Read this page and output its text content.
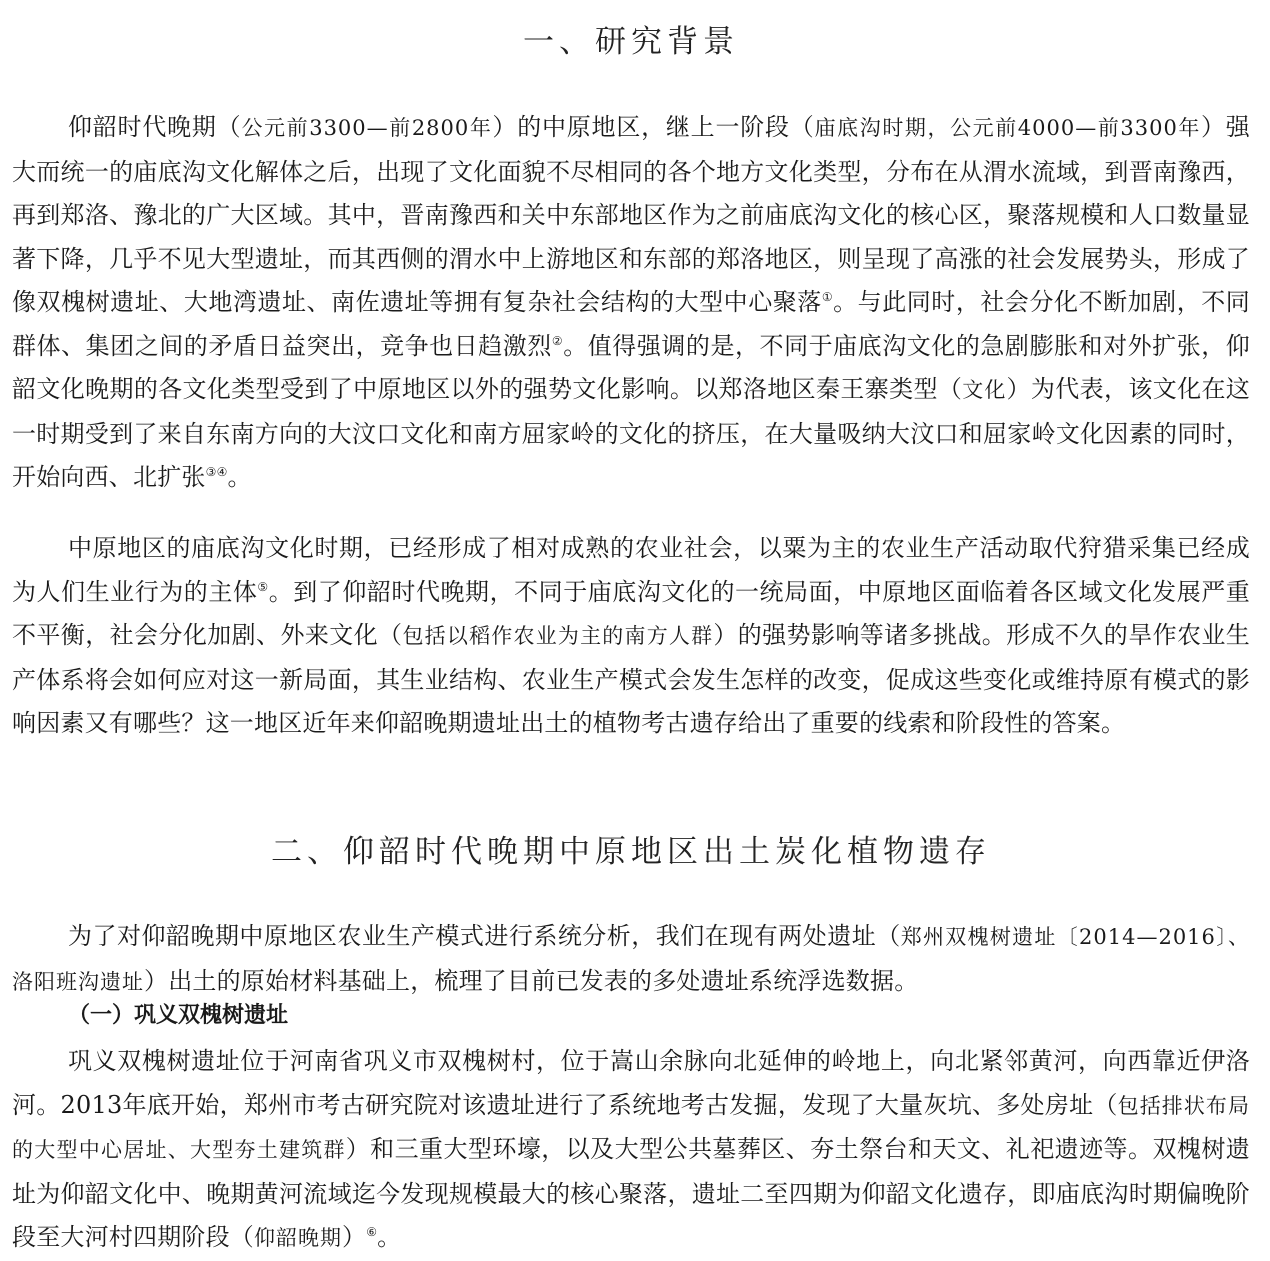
一、研究背景

仰韶时代晚期（公元前3300—前2800年）的中原地区，继上一阶段（庙底沟时期，公元前4000—前3300年）强大而统一的庙底沟文化解体之后，出现了文化面貌不尽相同的各个地方文化类型，分布在从渭水流域，到晋南豫西，再到郑洛、豫北的广大区域。其中，晋南豫西和关中东部地区作为之前庙底沟文化的核心区，聚落规模和人口数量显著下降，几乎不见大型遗址，而其西侧的渭水中上游地区和东部的郑洛地区，则呈现了高涨的社会发展势头，形成了像双槐树遗址、大地湾遗址、南佐遗址等拥有复杂社会结构的大型中心聚落①。与此同时，社会分化不断加剧，不同群体、集团之间的矛盾日益突出，竞争也日趋激烈②。值得强调的是，不同于庙底沟文化的急剧膨胀和对外扩张，仰韶文化晚期的各文化类型受到了中原地区以外的强势文化影响。以郑洛地区秦王寨类型（文化）为代表，该文化在这一时期受到了来自东南方向的大汶口文化和南方屈家岭的文化的挤压，在大量吸纳大汶口和屈家岭文化因素的同时，开始向西、北扩张③④。

中原地区的庙底沟文化时期，已经形成了相对成熟的农业社会，以粟为主的农业生产活动取代狩猎采集已经成为人们生业行为的主体⑤。到了仰韶时代晚期，不同于庙底沟文化的一统局面，中原地区面临着各区域文化发展严重不平衡，社会分化加剧、外来文化（包括以稻作农业为主的南方人群）的强势影响等诸多挑战。形成不久的旱作农业生产体系将会如何应对这一新局面，其生业结构、农业生产模式会发生怎样的改变，促成这些变化或维持原有模式的影响因素又有哪些？这一地区近年来仰韶晚期遗址出土的植物考古遗存给出了重要的线索和阶段性的答案。

二、仰韶时代晚期中原地区出土炭化植物遗存

为了对仰韶晚期中原地区农业生产模式进行系统分析，我们在现有两处遗址（郑州双槐树遗址〔2014—2016〕、洛阳班沟遗址）出土的原始材料基础上，梳理了目前已发表的多处遗址系统浮选数据。

（一）巩义双槐树遗址

巩义双槐树遗址位于河南省巩义市双槐树村，位于嵩山余脉向北延伸的岭地上，向北紧邻黄河，向西靠近伊洛河。2013年底开始，郑州市考古研究院对该遗址进行了系统地考古发掘，发现了大量灰坑、多处房址（包括排状布局的大型中心居址、大型夯土建筑群）和三重大型环壕，以及大型公共墓葬区、夯土祭台和天文、礼祀遗迹等。双槐树遗址为仰韶文化中、晚期黄河流域迄今发现规模最大的核心聚落，遗址二至四期为仰韶文化遗存，即庙底沟时期偏晚阶段至大河村四期阶段（仰韶晚期）⑥。
